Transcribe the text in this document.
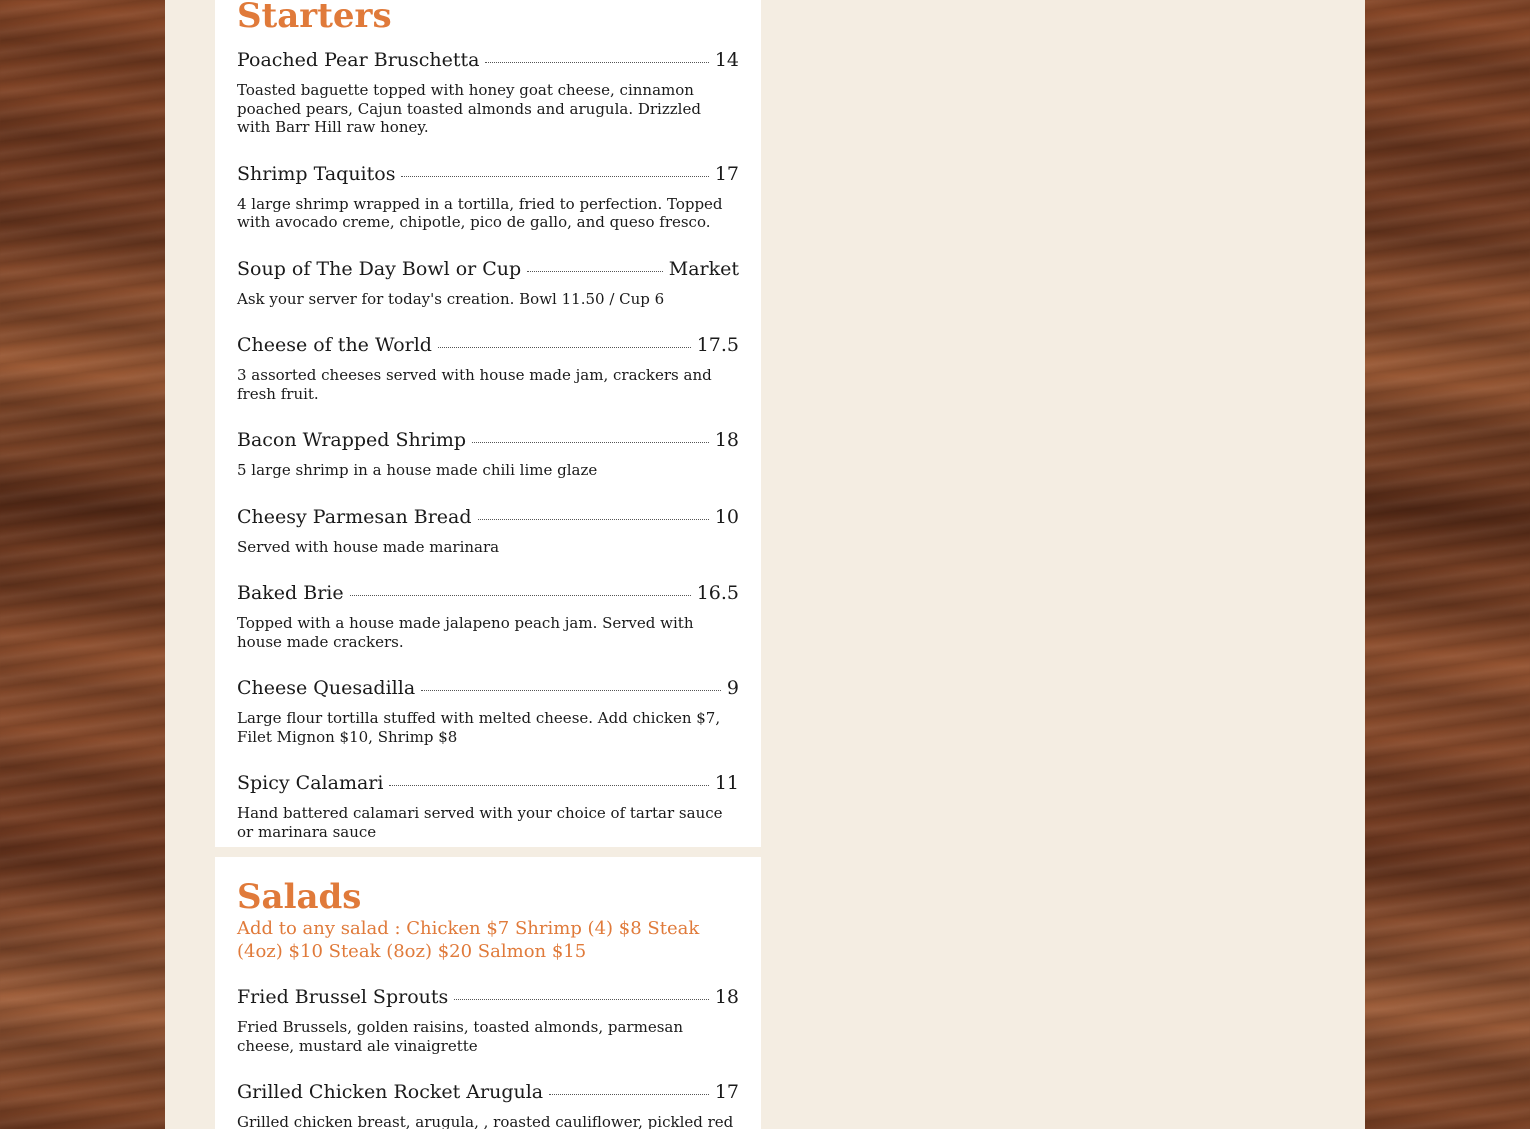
Starters
Poached Pear Bruschetta	14
Toasted baguette topped with honey goat cheese, cinnamon poached pears, Cajun toasted almonds and arugula. Drizzled with Barr Hill raw honey.
Shrimp Taquitos	17
4 large shrimp wrapped in a tortilla, fried to perfection. Topped with avocado creme, chipotle, pico de gallo, and queso fresco.
Soup of The Day Bowl or Cup	Market
Ask your server for today's creation. Bowl 11.50 / Cup 6
Cheese of the World	17.5
3 assorted cheeses served with house made jam, crackers and fresh fruit.
Bacon Wrapped Shrimp	18
5 large shrimp in a house made chili lime glaze
Cheesy Parmesan Bread	10
Served with house made marinara
Baked Brie	16.5
Topped with a house made jalapeno peach jam. Served with house made crackers.
Cheese Quesadilla	9
Large flour tortilla stuffed with melted cheese. Add chicken $7, Filet Mignon $10, Shrimp $8
Spicy Calamari	11
Hand battered calamari served with your choice of tartar sauce or marinara sauce
Salads
Add to any salad : Chicken $7 Shrimp (4) $8 Steak (4oz) $10 Steak (8oz) $20 Salmon $15
Fried Brussel Sprouts	18
Fried Brussels, golden raisins, toasted almonds, parmesan cheese, mustard ale vinaigrette
Grilled Chicken Rocket Arugula	17
Grilled chicken breast, arugula, , roasted cauliflower, pickled red
